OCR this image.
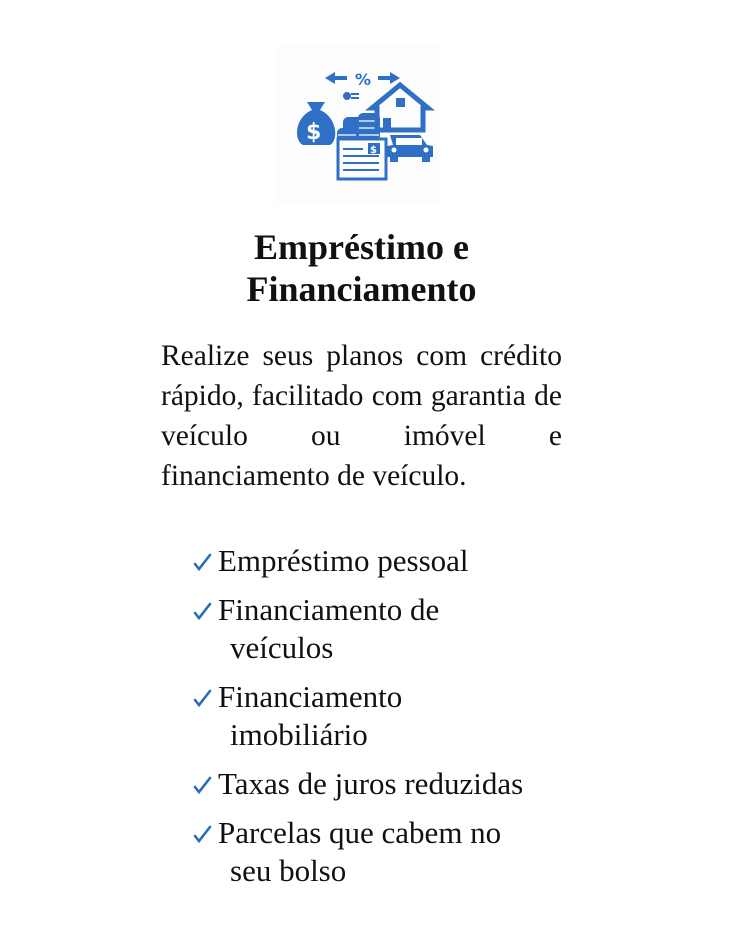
%
$
$
Empréstimo e
Financiamento

Realize seus planos com crédito rápido, facilitado com garantia de veículo ou imóvel e financiamento de veículo.

Empréstimo pessoal
Financiamento de
veículos
Financiamento
imobiliário
Taxas de juros reduzidas
Parcelas que cabem no
seu bolso
